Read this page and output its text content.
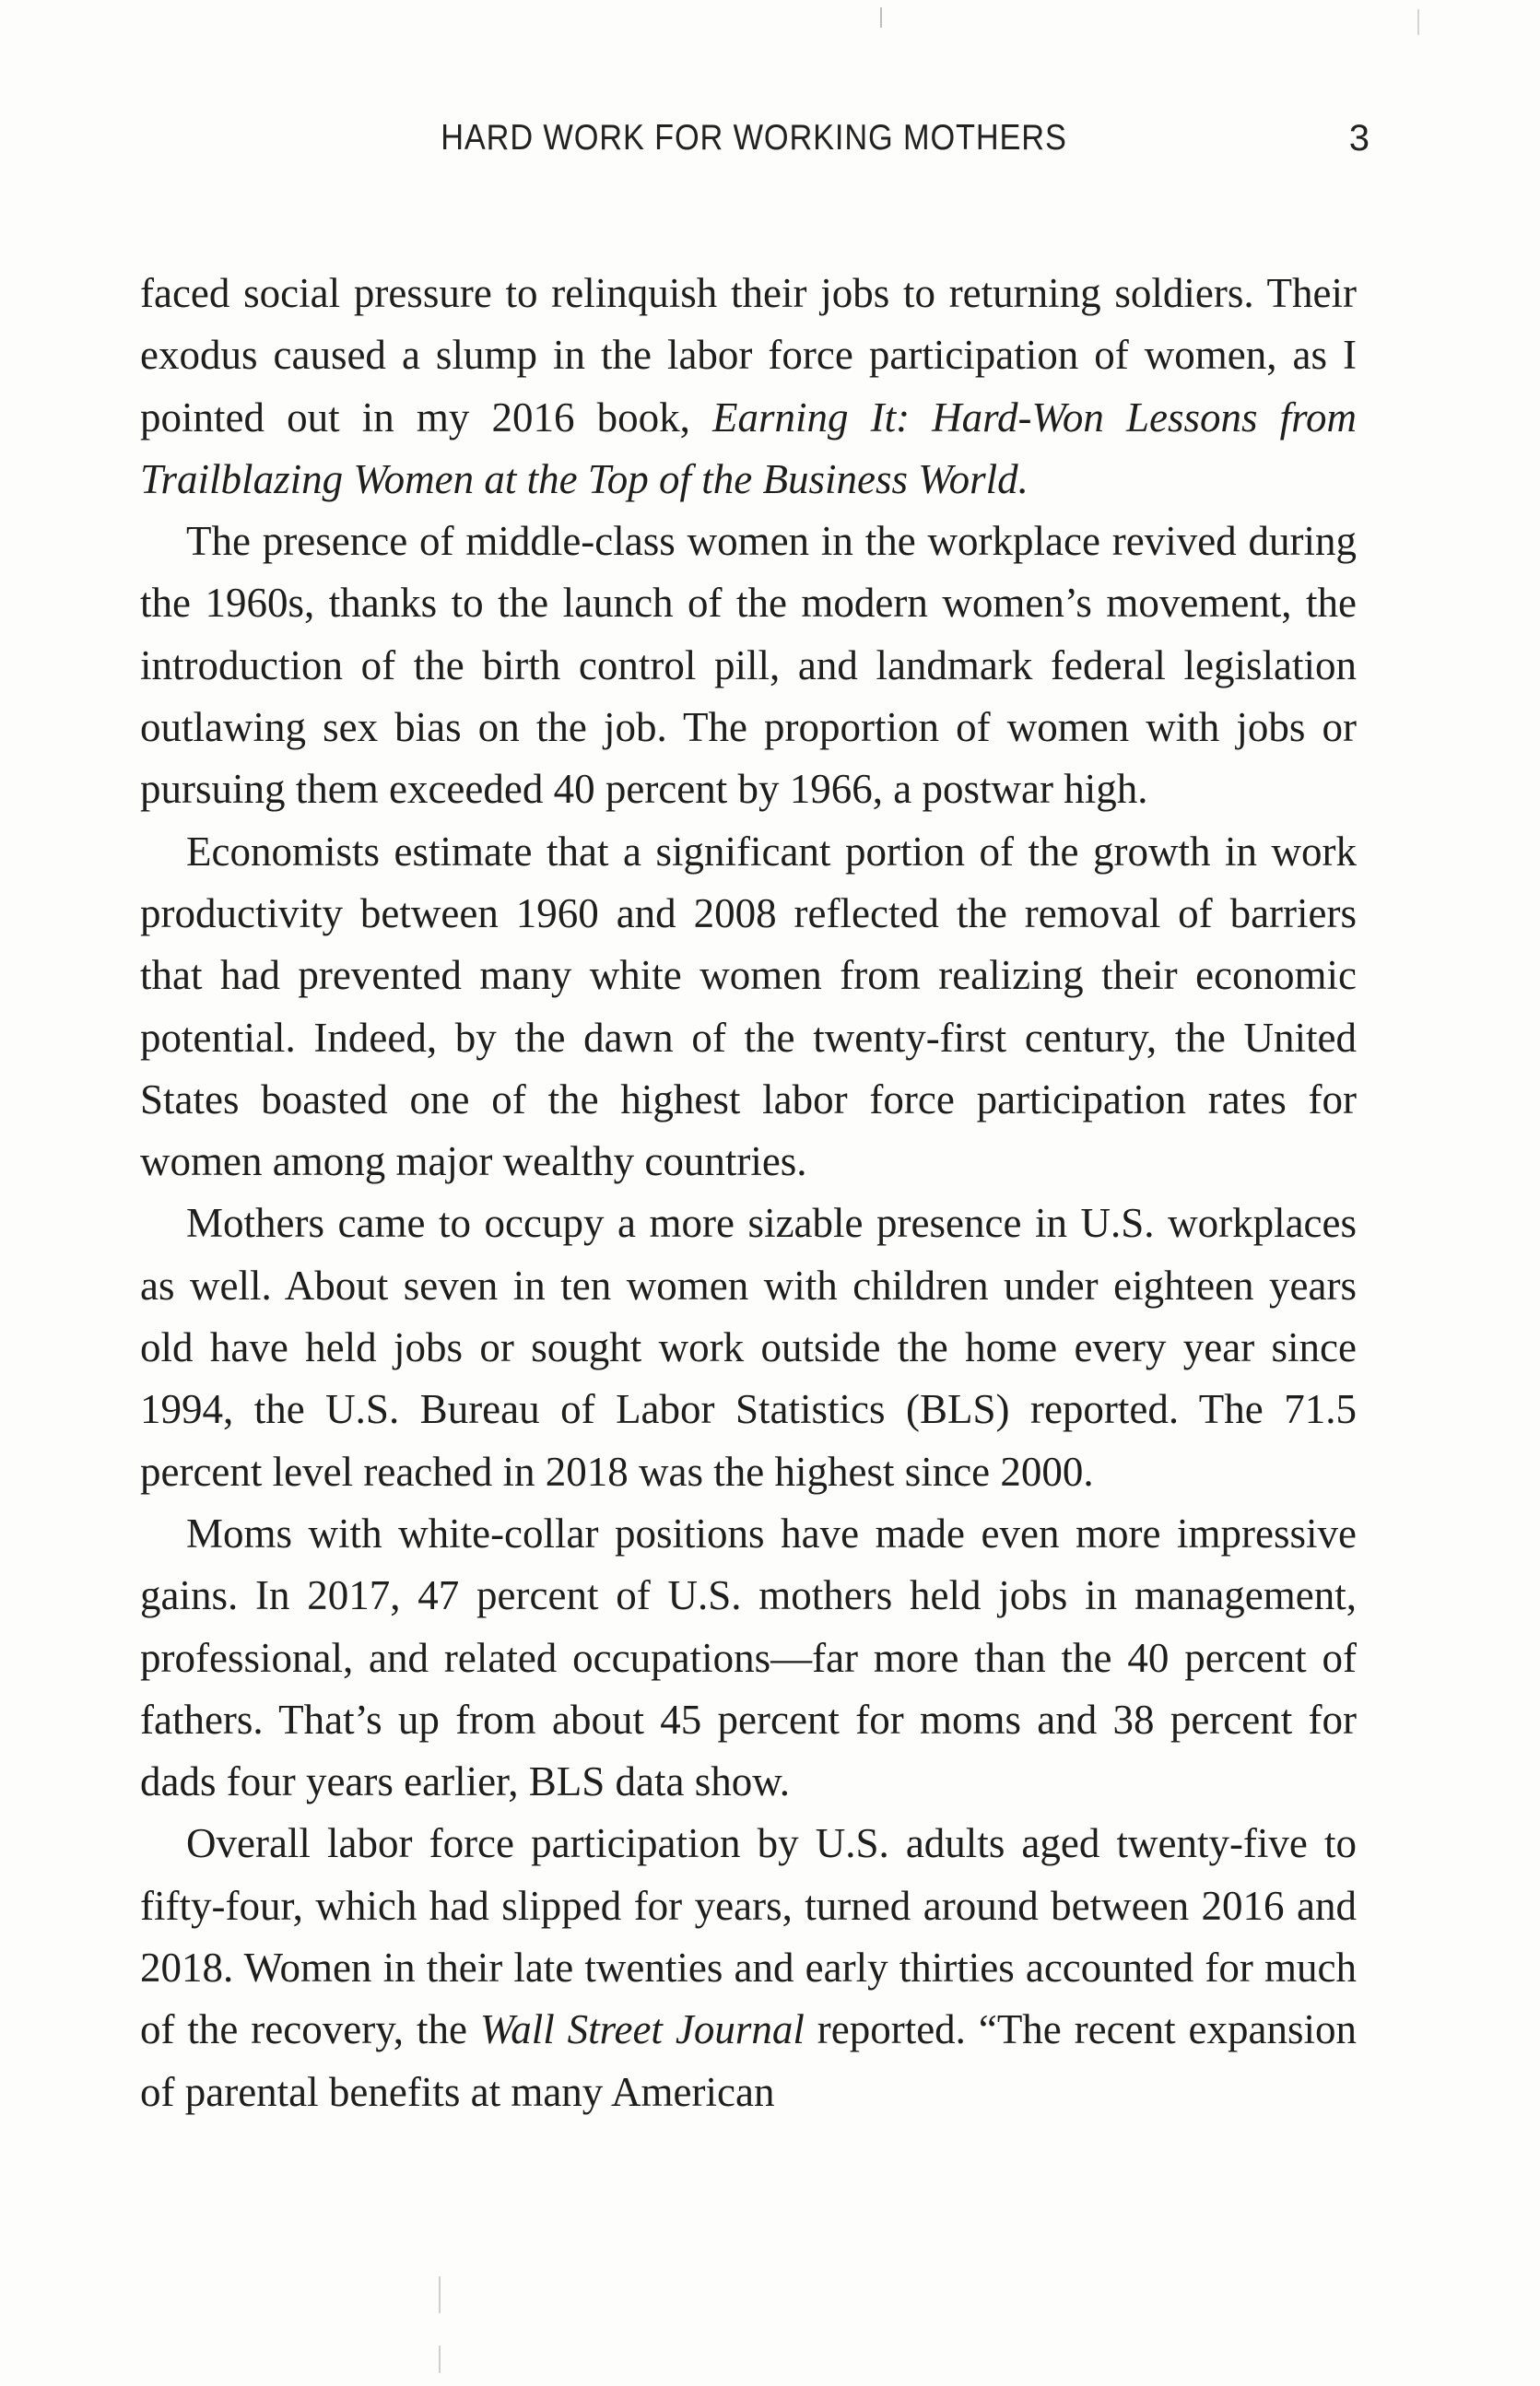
HARD WORK FOR WORKING MOTHERS	3

faced social pressure to relinquish their jobs to returning soldiers. Their exodus caused a slump in the labor force participation of women, as I pointed out in my 2016 book, Earning It: Hard-Won Lessons from Trailblazing Women at the Top of the Business World.

The presence of middle-class women in the workplace revived during the 1960s, thanks to the launch of the modern women’s movement, the introduction of the birth control pill, and landmark federal legislation outlawing sex bias on the job. The proportion of women with jobs or pursuing them exceeded 40 percent by 1966, a postwar high.

Economists estimate that a significant portion of the growth in work productivity between 1960 and 2008 reflected the removal of barriers that had prevented many white women from realizing their economic potential. Indeed, by the dawn of the twenty-first century, the United States boasted one of the highest labor force participation rates for women among major wealthy countries.

Mothers came to occupy a more sizable presence in U.S. workplaces as well. About seven in ten women with children under eighteen years old have held jobs or sought work outside the home every year since 1994, the U.S. Bureau of Labor Statistics (BLS) reported. The 71.5 percent level reached in 2018 was the highest since 2000.

Moms with white-collar positions have made even more impressive gains. In 2017, 47 percent of U.S. mothers held jobs in management, professional, and related occupations—far more than the 40 percent of fathers. That’s up from about 45 percent for moms and 38 percent for dads four years earlier, BLS data show.

Overall labor force participation by U.S. adults aged twenty-five to fifty-four, which had slipped for years, turned around between 2016 and 2018. Women in their late twenties and early thirties accounted for much of the recovery, the Wall Street Journal reported. “The recent expansion of parental benefits at many American
